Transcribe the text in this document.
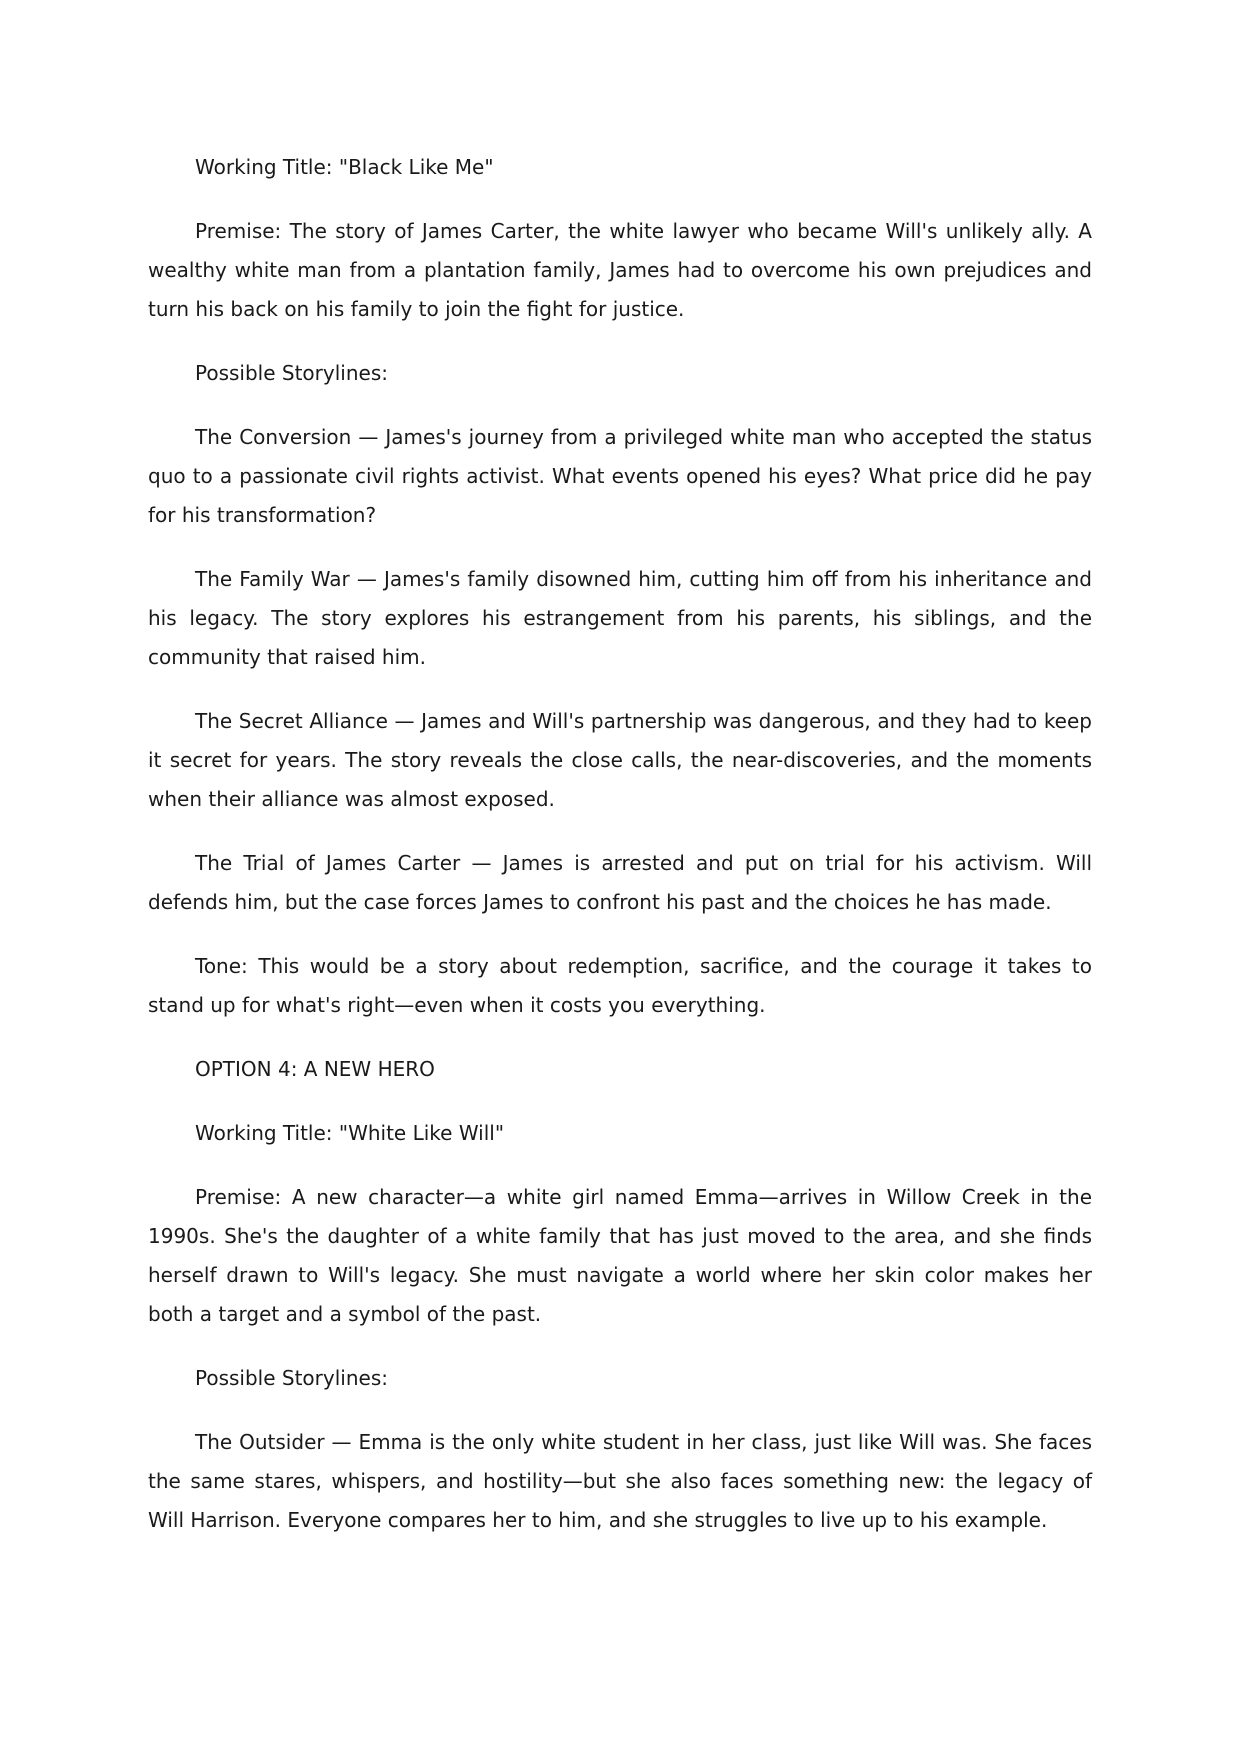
Working Title: "Black Like Me"

Premise: The story of James Carter, the white lawyer who became Will's unlikely ally. A wealthy white man from a plantation family, James had to overcome his own prejudices and turn his back on his family to join the fight for justice.

Possible Storylines:

The Conversion — James's journey from a privileged white man who accepted the status quo to a passionate civil rights activist. What events opened his eyes? What price did he pay for his transformation?

The Family War — James's family disowned him, cutting him off from his inheritance and his legacy. The story explores his estrangement from his parents, his siblings, and the community that raised him.

The Secret Alliance — James and Will's partnership was dangerous, and they had to keep it secret for years. The story reveals the close calls, the near-discoveries, and the moments when their alliance was almost exposed.

The Trial of James Carter — James is arrested and put on trial for his activism. Will defends him, but the case forces James to confront his past and the choices he has made.

Tone: This would be a story about redemption, sacrifice, and the courage it takes to stand up for what's right—even when it costs you everything.

OPTION 4: A NEW HERO

Working Title: "White Like Will"

Premise: A new character—a white girl named Emma—arrives in Willow Creek in the 1990s. She's the daughter of a white family that has just moved to the area, and she finds herself drawn to Will's legacy. She must navigate a world where her skin color makes her both a target and a symbol of the past.

Possible Storylines:

The Outsider — Emma is the only white student in her class, just like Will was. She faces the same stares, whispers, and hostility—but she also faces something new: the legacy of Will Harrison. Everyone compares her to him, and she struggles to live up to his example.
